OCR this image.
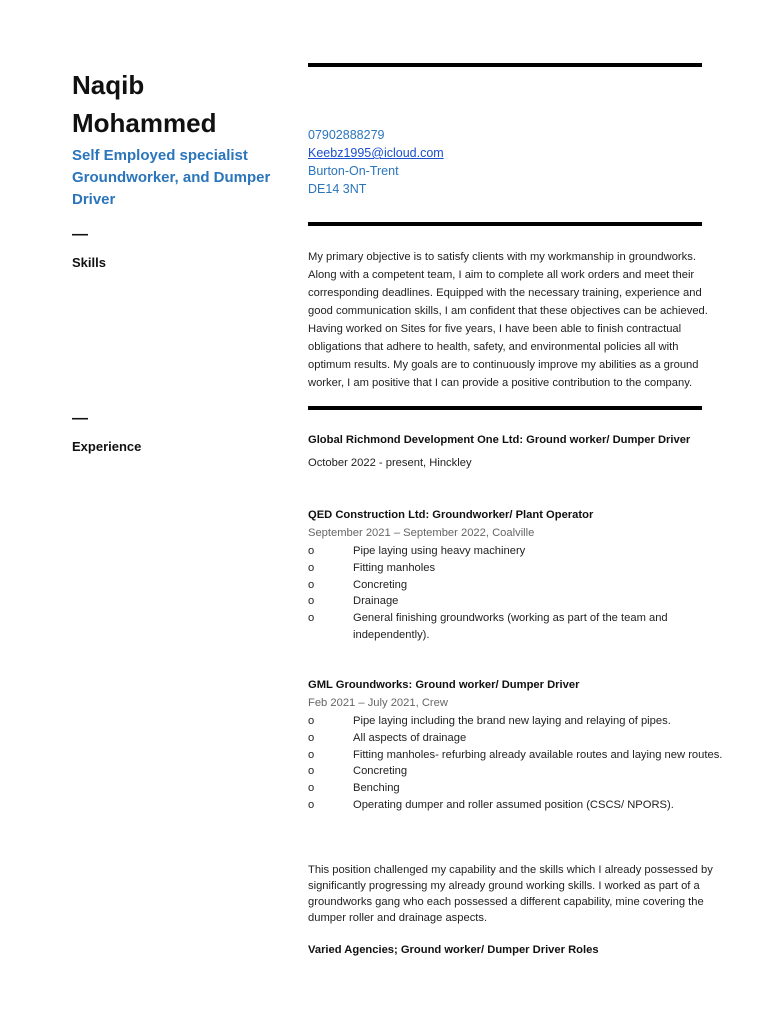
Naqib
Mohammed
Self Employed specialist Groundworker, and Dumper Driver
—
Skills
—
Experience
07902888279
Keebz1995@icloud.com
Burton-On-Trent
DE14 3NT
My primary objective is to satisfy clients with my workmanship in groundworks. Along with a competent team, I aim to complete all work orders and meet their corresponding deadlines. Equipped with the necessary training, experience and good communication skills, I am confident that these objectives can be achieved. Having worked on Sites for five years, I have been able to finish contractual obligations that adhere to health, safety, and environmental policies all with optimum results. My goals are to continuously improve my abilities as a ground worker, I am positive that I can provide a positive contribution to the company.
Global Richmond Development One Ltd: Ground worker/ Dumper Driver
October 2022 - present, Hinckley
QED Construction Ltd: Groundworker/ Plant Operator
September 2021 – September 2022, Coalville
o	Pipe laying using heavy machinery
o	Fitting manholes
o	Concreting
o	Drainage
o	General finishing groundworks (working as part of the team and independently).
GML Groundworks: Ground worker/ Dumper Driver
Feb 2021 – July 2021, Crew
o	Pipe laying including the brand new laying and relaying of pipes.
o	All aspects of drainage
o	Fitting manholes- refurbing already available routes and laying new routes.
o	Concreting
o	Benching
o	Operating dumper and roller assumed position (CSCS/ NPORS).
This position challenged my capability and the skills which I already possessed by significantly progressing my already ground working skills. I worked as part of a groundworks gang who each possessed a different capability, mine covering the dumper roller and drainage aspects.
Varied Agencies; Ground worker/ Dumper Driver Roles
